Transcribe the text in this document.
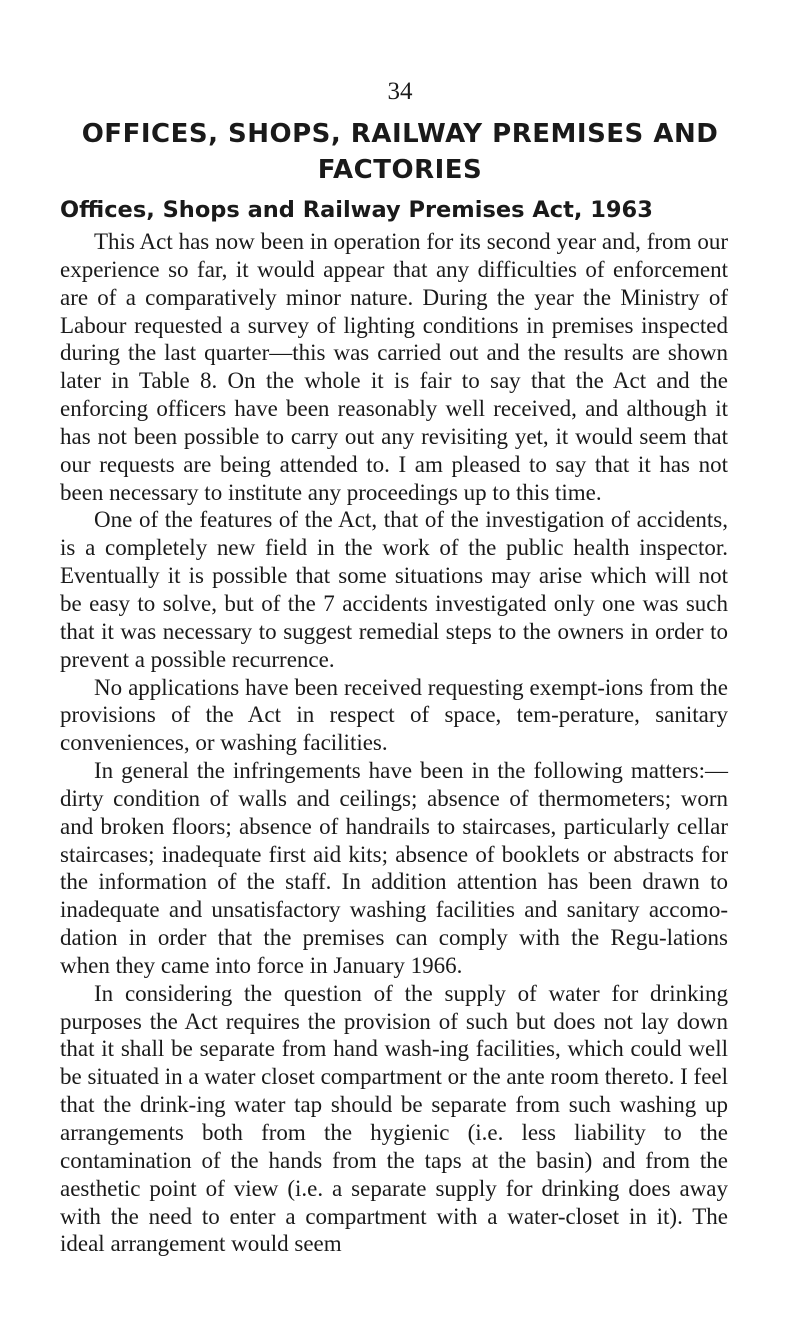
34
OFFICES, SHOPS, RAILWAY PREMISES AND FACTORIES
Offices, Shops and Railway Premises Act, 1963

This Act has now been in operation for its second year and, from our experience so far, it would appear that any difficulties of enforcement are of a comparatively minor nature. During the year the Ministry of Labour requested a survey of lighting conditions in premises inspected during the last quarter—this was carried out and the results are shown later in Table 8. On the whole it is fair to say that the Act and the enforcing officers have been reasonably well received, and although it has not been possible to carry out any revisiting yet, it would seem that our requests are being attended to. I am pleased to say that it has not been necessary to institute any proceedings up to this time.

One of the features of the Act, that of the investigation of accidents, is a completely new field in the work of the public health inspector. Eventually it is possible that some situations may arise which will not be easy to solve, but of the 7 accidents investigated only one was such that it was necessary to suggest remedial steps to the owners in order to prevent a possible recurrence.

No applications have been received requesting exempt-ions from the provisions of the Act in respect of space, tem-perature, sanitary conveniences, or washing facilities.

In general the infringements have been in the following matters:—dirty condition of walls and ceilings; absence of thermometers; worn and broken floors; absence of handrails to staircases, particularly cellar staircases; inadequate first aid kits; absence of booklets or abstracts for the information of the staff. In addition attention has been drawn to inadequate and unsatisfactory washing facilities and sanitary accomo-dation in order that the premises can comply with the Regu-lations when they came into force in January 1966.

In considering the question of the supply of water for drinking purposes the Act requires the provision of such but does not lay down that it shall be separate from hand wash-ing facilities, which could well be situated in a water closet compartment or the ante room thereto. I feel that the drink-ing water tap should be separate from such washing up arrangements both from the hygienic (i.e. less liability to the contamination of the hands from the taps at the basin) and from the aesthetic point of view (i.e. a separate supply for drinking does away with the need to enter a compartment with a water-closet in it). The ideal arrangement would seem
